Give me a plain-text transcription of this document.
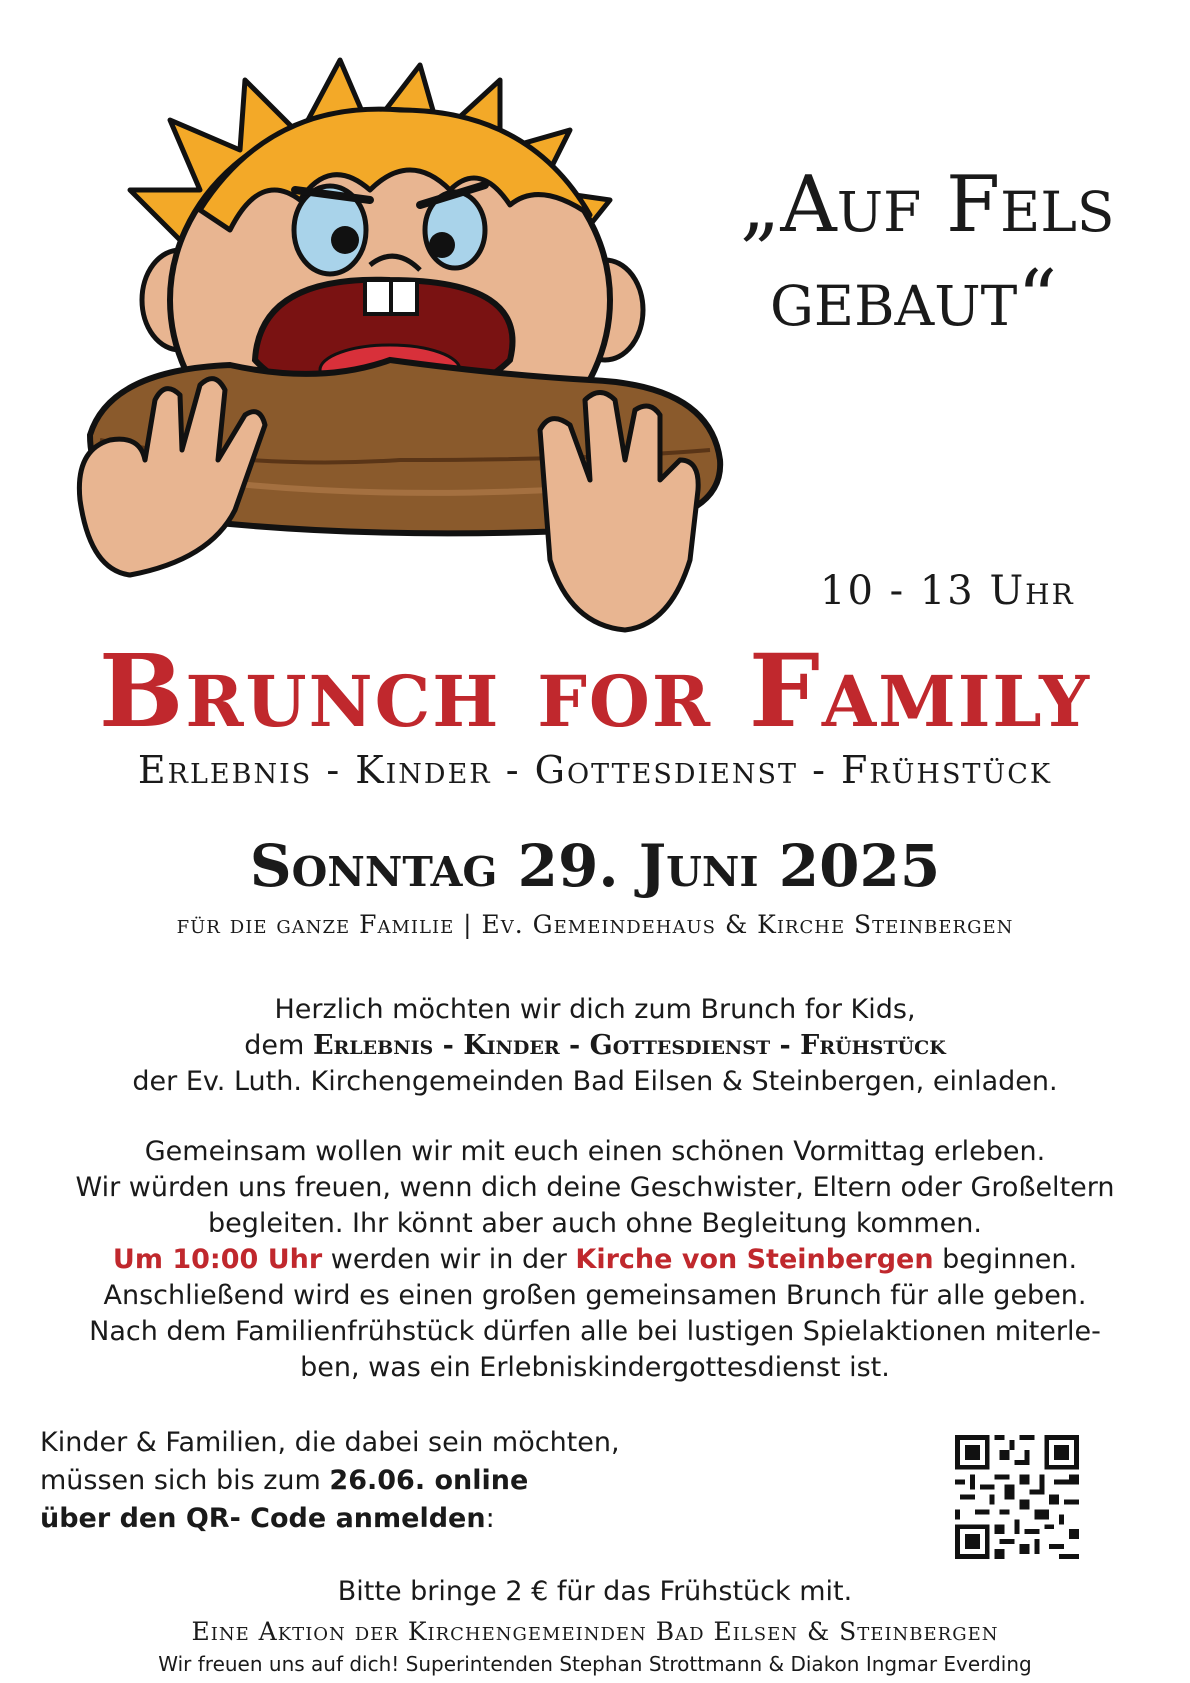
„Auf Fels
gebaut“
10 - 13 Uhr
Brunch for Family
Erlebnis - Kinder - Gottesdienst - Frühstück
Sonntag 29. Juni 2025
für die ganze Familie | Ev. Gemeindehaus & Kirche Steinbergen
Herzlich möchten wir dich zum Brunch for Kids,
dem Erlebnis - Kinder - Gottesdienst - Frühstück
der Ev. Luth. Kirchengemeinden Bad Eilsen & Steinbergen, einladen.
Gemeinsam wollen wir mit euch einen schönen Vormittag erleben.
Wir würden uns freuen, wenn dich deine Geschwister, Eltern oder Großeltern
begleiten. Ihr könnt aber auch ohne Begleitung kommen.
Um 10:00 Uhr werden wir in der Kirche von Steinbergen beginnen.
Anschließend wird es einen großen gemeinsamen Brunch für alle geben.
Nach dem Familienfrühstück dürfen alle bei lustigen Spielaktionen miterle-
ben, was ein Erlebniskindergottesdienst ist.
Kinder & Familien, die dabei sein möchten,
müssen sich bis zum 26.06. online
über den QR- Code anmelden:
Bitte bringe 2 € für das Frühstück mit.
Eine Aktion der Kirchengemeinden Bad Eilsen & Steinbergen
Wir freuen uns auf dich! Superintenden Stephan Strottmann & Diakon Ingmar Everding
